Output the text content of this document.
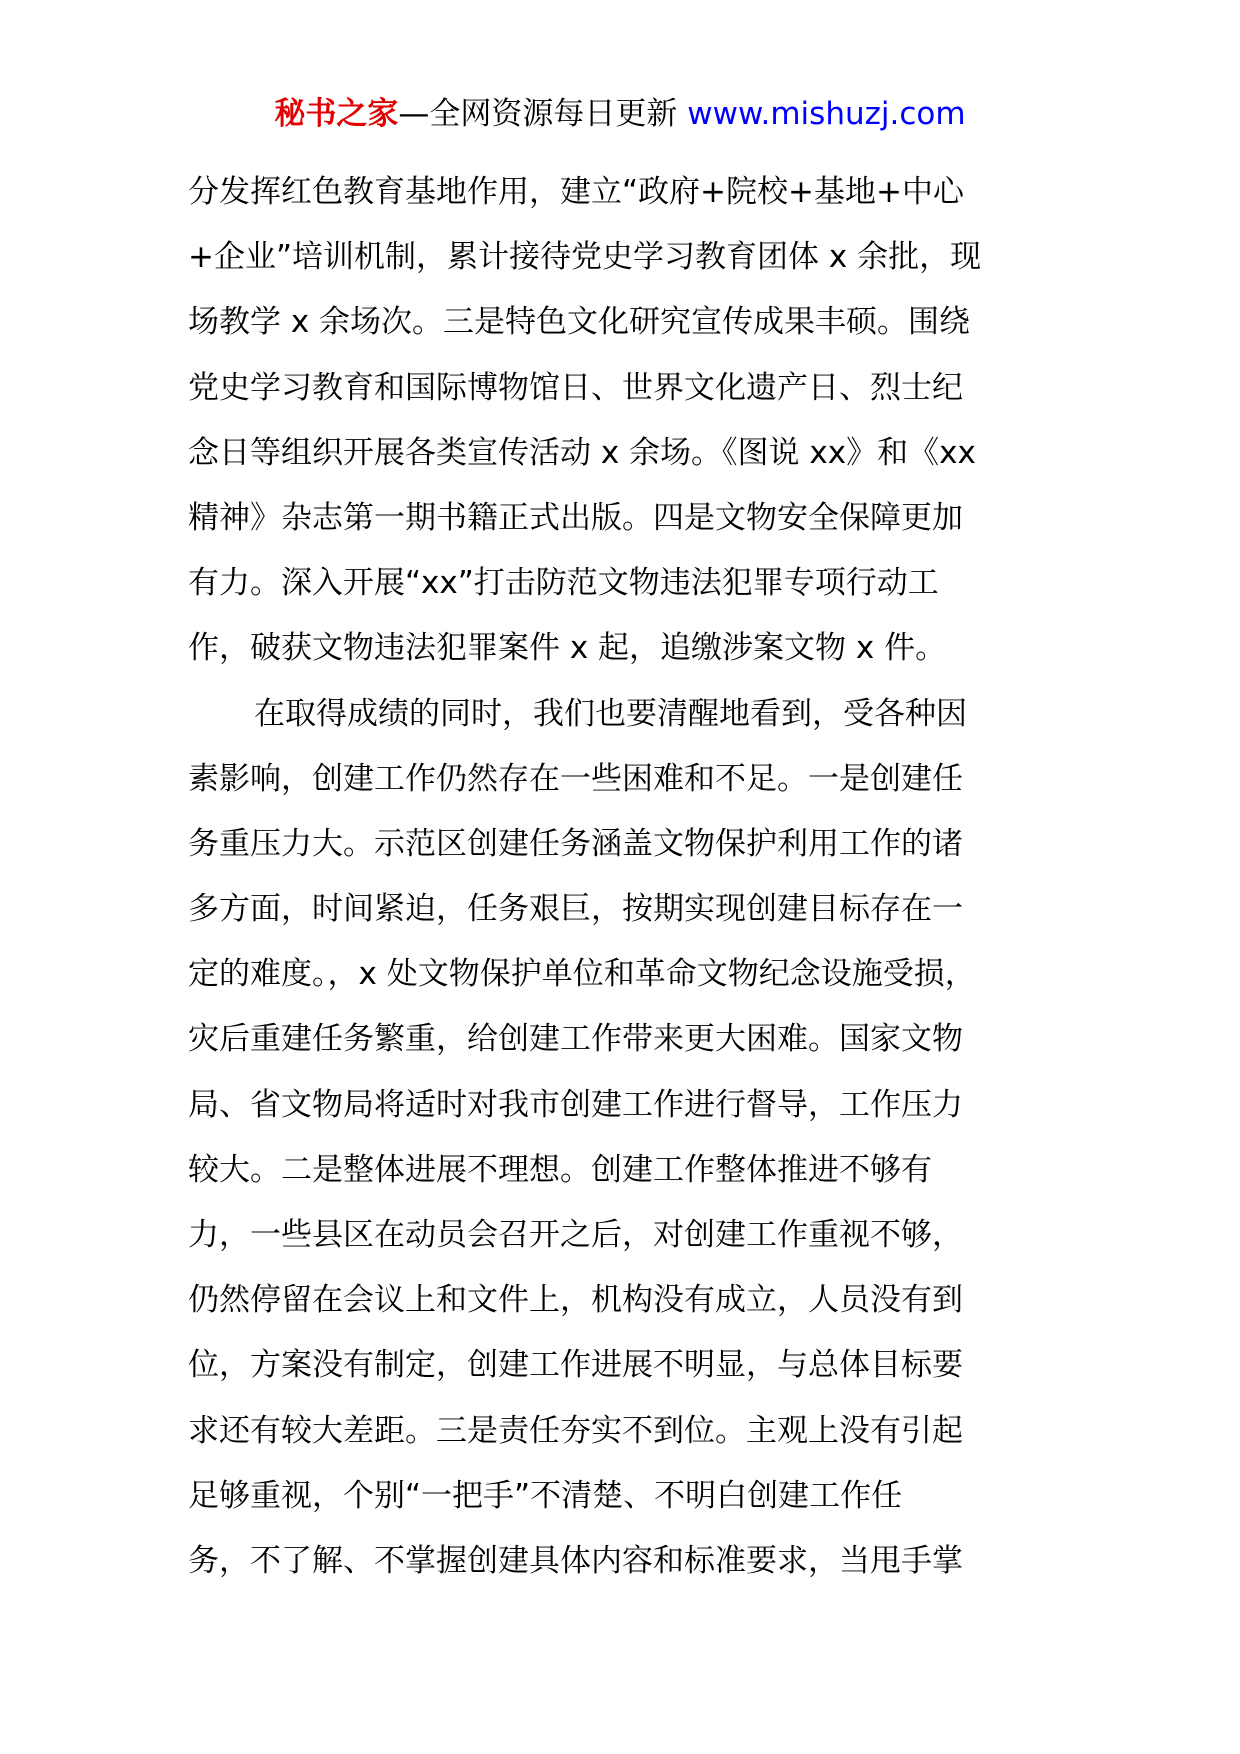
秘书之家—全网资源每日更新 www.mishuzj.com
分发挥红色教育基地作用，建立“政府+院校+基地+中心
+企业”培训机制，累计接待党史学习教育团体 x 余批，现
场教学 x 余场次。三是特色文化研究宣传成果丰硕。围绕
党史学习教育和国际博物馆日、世界文化遗产日、烈士纪
念日等组织开展各类宣传活动 x 余场。《图说 xx》和《xx
精神》杂志第一期书籍正式出版。四是文物安全保障更加
有力。深入开展“xx”打击防范文物违法犯罪专项行动工
作，破获文物违法犯罪案件 x 起，追缴涉案文物 x 件。
在取得成绩的同时，我们也要清醒地看到，受各种因
素影响，创建工作仍然存在一些困难和不足。一是创建任
务重压力大。示范区创建任务涵盖文物保护利用工作的诸
多方面，时间紧迫，任务艰巨，按期实现创建目标存在一
定的难度。，x 处文物保护单位和革命文物纪念设施受损，
灾后重建任务繁重，给创建工作带来更大困难。国家文物
局、省文物局将适时对我市创建工作进行督导，工作压力
较大。二是整体进展不理想。创建工作整体推进不够有
力，一些县区在动员会召开之后，对创建工作重视不够，
仍然停留在会议上和文件上，机构没有成立，人员没有到
位，方案没有制定，创建工作进展不明显，与总体目标要
求还有较大差距。三是责任夯实不到位。主观上没有引起
足够重视，个别“一把手”不清楚、不明白创建工作任
务，不了解、不掌握创建具体内容和标准要求，当甩手掌
